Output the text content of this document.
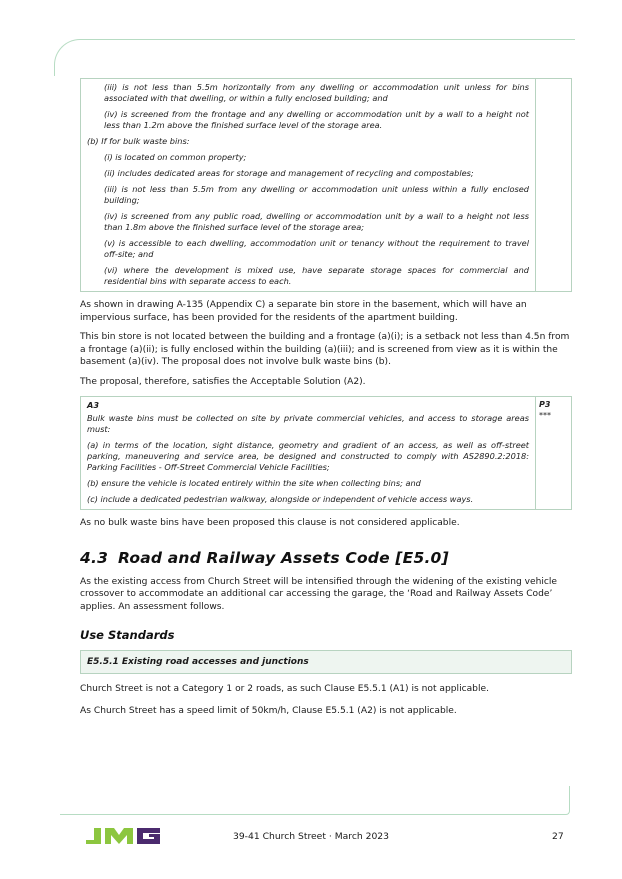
(iii) is not less than 5.5m horizontally from any dwelling or accommodation unit unless for bins associated with that dwelling, or within a fully enclosed building; and

(iv) is screened from the frontage and any dwelling or accommodation unit by a wall to a height not less than 1.2m above the finished surface level of the storage area.

(b) If for bulk waste bins:

(i) is located on common property;

(ii) includes dedicated areas for storage and management of recycling and compostables;

(iii) is not less than 5.5m from any dwelling or accommodation unit unless within a fully enclosed building;

(iv) is screened from any public road, dwelling or accommodation unit by a wall to a height not less than 1.8m above the finished surface level of the storage area;

(v) is accessible to each dwelling, accommodation unit or tenancy without the requirement to travel off-site; and

(vi) where the development is mixed use, have separate storage spaces for commercial and residential bins with separate access to each.

As shown in drawing A-135 (Appendix C) a separate bin store in the basement, which will have an impervious surface, has been provided for the residents of the apartment building.

This bin store is not located between the building and a frontage (a)(i); is a setback not less than 4.5n from a frontage (a)(ii); is fully enclosed within the building (a)(iii); and is screened from view as it is within the basement (a)(iv). The proposal does not involve bulk waste bins (b).

The proposal, therefore, satisfies the Acceptable Solution (A2).

A3

Bulk waste bins must be collected on site by private commercial vehicles, and access to storage areas must:

(a) in terms of the location, sight distance, geometry and gradient of an access, as well as off-street parking, maneuvering and service area, be designed and constructed to comply with AS2890.2:2018: Parking Facilities - Off-Street Commercial Vehicle Facilities;

(b) ensure the vehicle is located entirely within the site when collecting bins; and

(c) include a dedicated pedestrian walkway, alongside or independent of vehicle access ways.

P3
***

As no bulk waste bins have been proposed this clause is not considered applicable.

4.3 Road and Railway Assets Code [E5.0]

As the existing access from Church Street will be intensified through the widening of the existing vehicle crossover to accommodate an additional car accessing the garage, the ‘Road and Railway Assets Code’ applies. An assessment follows.

Use Standards
E5.5.1 Existing road accesses and junctions

Church Street is not a Category 1 or 2 roads, as such Clause E5.5.1 (A1) is not applicable.

As Church Street has a speed limit of 50km/h, Clause E5.5.1 (A2) is not applicable.

39-41 Church Street · March 2023	27
